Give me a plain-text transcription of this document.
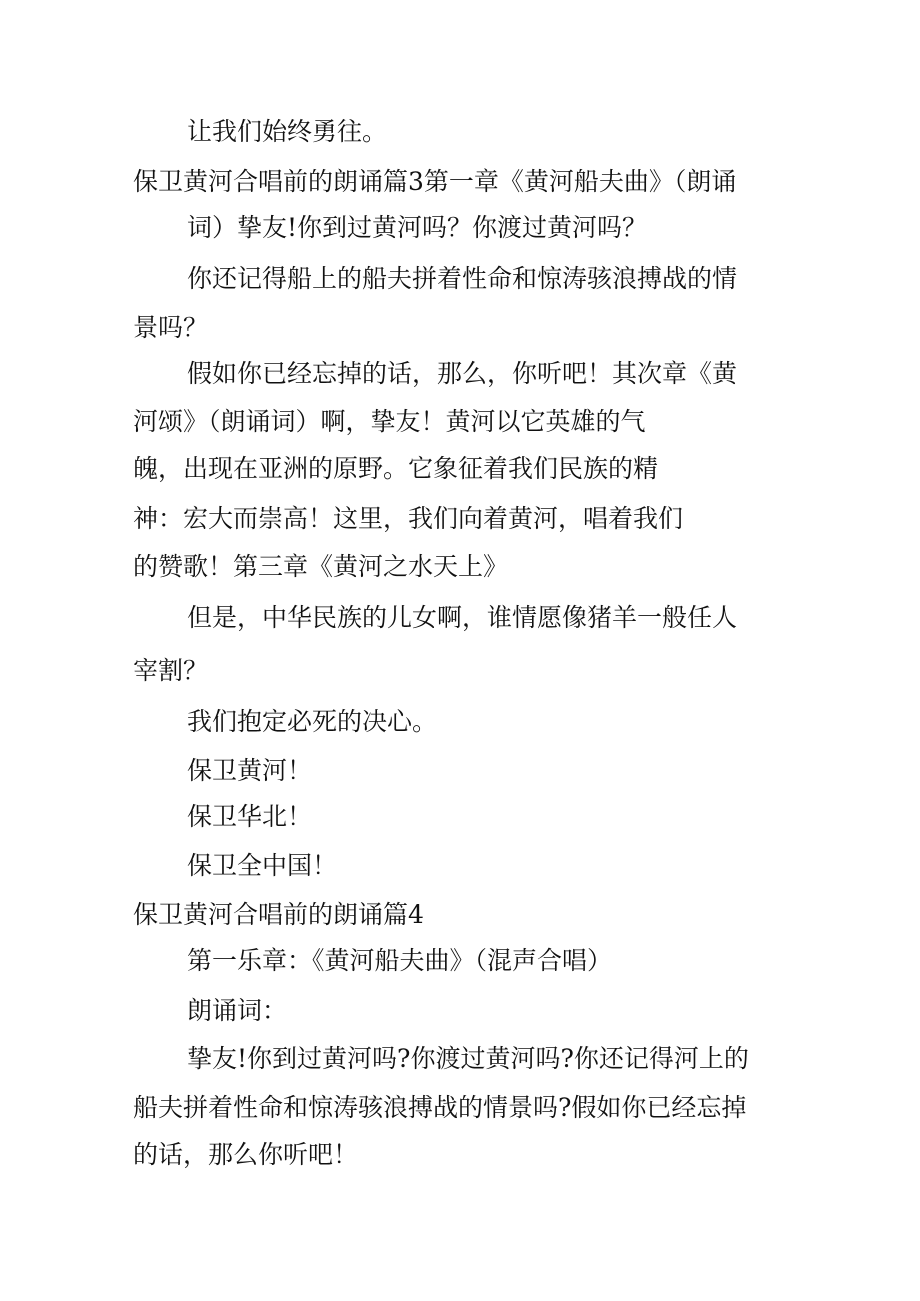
让我们始终勇往。
保卫黄河合唱前的朗诵篇3第一章《黄河船夫曲》（朗诵
词）挚友!你到过黄河吗？你渡过黄河吗？
你还记得船上的船夫拼着性命和惊涛骇浪搏战的情
景吗？
假如你已经忘掉的话，那么，你听吧！其次章《黄
河颂》（朗诵词）啊，挚友！黄河以它英雄的气
魄，出现在亚洲的原野。它象征着我们民族的精
神：宏大而崇高！这里，我们向着黄河，唱着我们
的赞歌！第三章《黄河之水天上》
但是，中华民族的儿女啊，谁情愿像猪羊一般任人
宰割？
我们抱定必死的决心。
保卫黄河！
保卫华北！
保卫全中国！
保卫黄河合唱前的朗诵篇4
第一乐章：《黄河船夫曲》（混声合唱）
朗诵词：
挚友!你到过黄河吗?你渡过黄河吗?你还记得河上的
船夫拼着性命和惊涛骇浪搏战的情景吗?假如你已经忘掉
的话，那么你听吧！
